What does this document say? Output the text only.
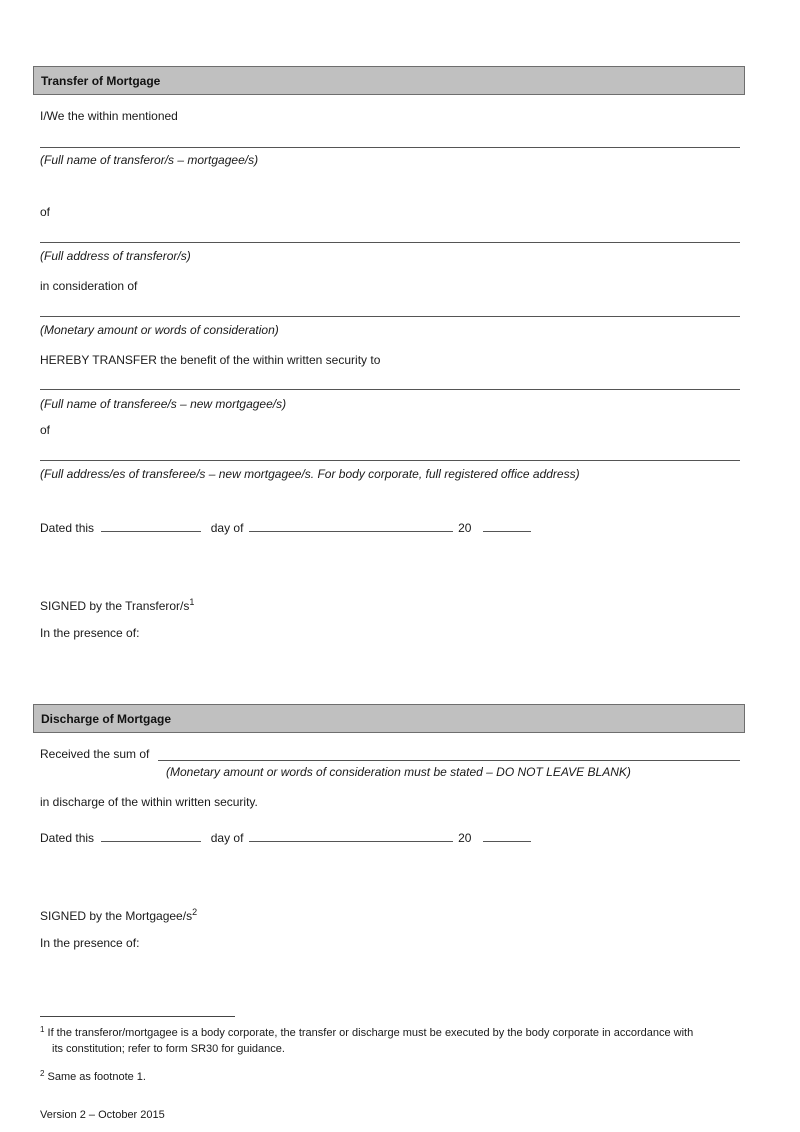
Transfer of Mortgage
I/We the within mentioned
(Full name of transferor/s – mortgagee/s)
of
(Full address of transferor/s)
in consideration of
(Monetary amount or words of consideration)
HEREBY TRANSFER the benefit of the within written security to
(Full name of transferee/s – new mortgagee/s)
of
(Full address/es of transferee/s – new mortgagee/s. For body corporate, full registered office address)
Dated this	day of	20
SIGNED by the Transferor/$s^1$
In the presence of:
Discharge of Mortgage
Received the sum of
(Monetary amount or words of consideration must be stated – DO NOT LEAVE BLANK)
in discharge of the within written security.
Dated this	day of	20
SIGNED by the Mortgagee/$s^2$
In the presence of:
$^1$ If the transferor/mortgagee is a body corporate, the transfer or discharge must be executed by the body corporate in accordance with
its constitution; refer to form SR30 for guidance.
$^2$ Same as footnote 1.
Version 2 – October 2015
